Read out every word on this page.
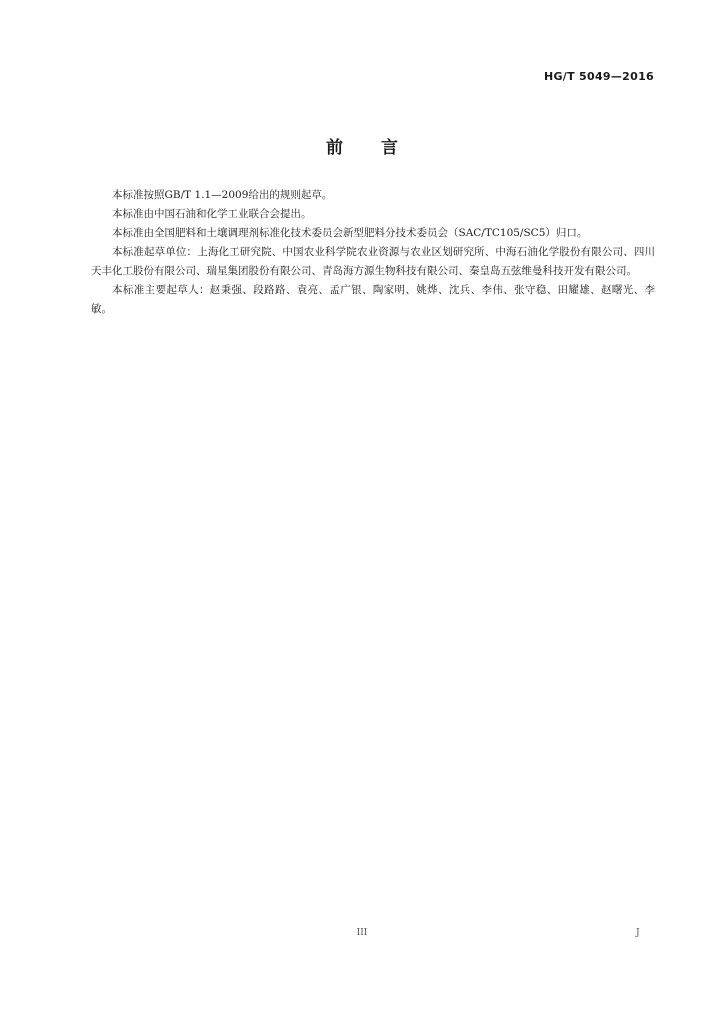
HG/T 5049—2016
前言

本标准按照GB/T 1.1—2009给出的规则起草。

本标准由中国石油和化学工业联合会提出。

本标准由全国肥料和土壤调理剂标准化技术委员会新型肥料分技术委员会（SAC/TC105/SC5）归口。

本标准起草单位：上海化工研究院、中国农业科学院农业资源与农业区划研究所、中海石油化学股份有限公司、四川天丰化工股份有限公司、瑞星集团股份有限公司、青岛海方源生物科技有限公司、秦皇岛五弦维曼科技开发有限公司。

本标准主要起草人：赵秉强、段路路、袁亮、孟广银、陶家明、姚烨、沈兵、李伟、张守稳、田耀雄、赵曙光、李敏。

III	J
